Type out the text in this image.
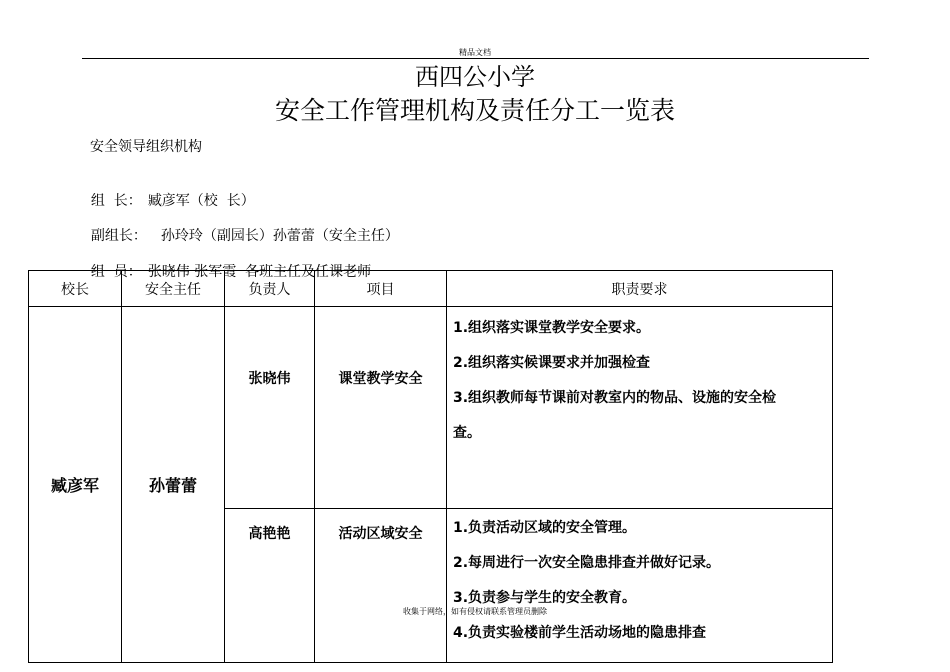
精品文档
西四公小学
安全工作管理机构及责任分工一览表
安全领导组织机构

组  长： 臧彦军（校  长）

副组长： 孙玲玲（副园长）孙蕾蕾（安全主任）

组  员： 张晓伟 张军霞  各班主任及任课老师

校长	安全主任	负责人	项目	职责要求
臧彦军	孙蕾蕾	张晓伟	课堂教学安全	1.组织落实课堂教学安全要求。
2.组织落实候课要求并加强检查
3.组织教师每节课前对教室内的物品、设施的安全检
查。

		高艳艳	活动区域安全	1.负责活动区域的安全管理。
2.每周进行一次安全隐患排查并做好记录。
3.负责参与学生的安全教育。
4.负责实验楼前学生活动场地的隐患排查
收集于网络，如有侵权请联系管理员删除
